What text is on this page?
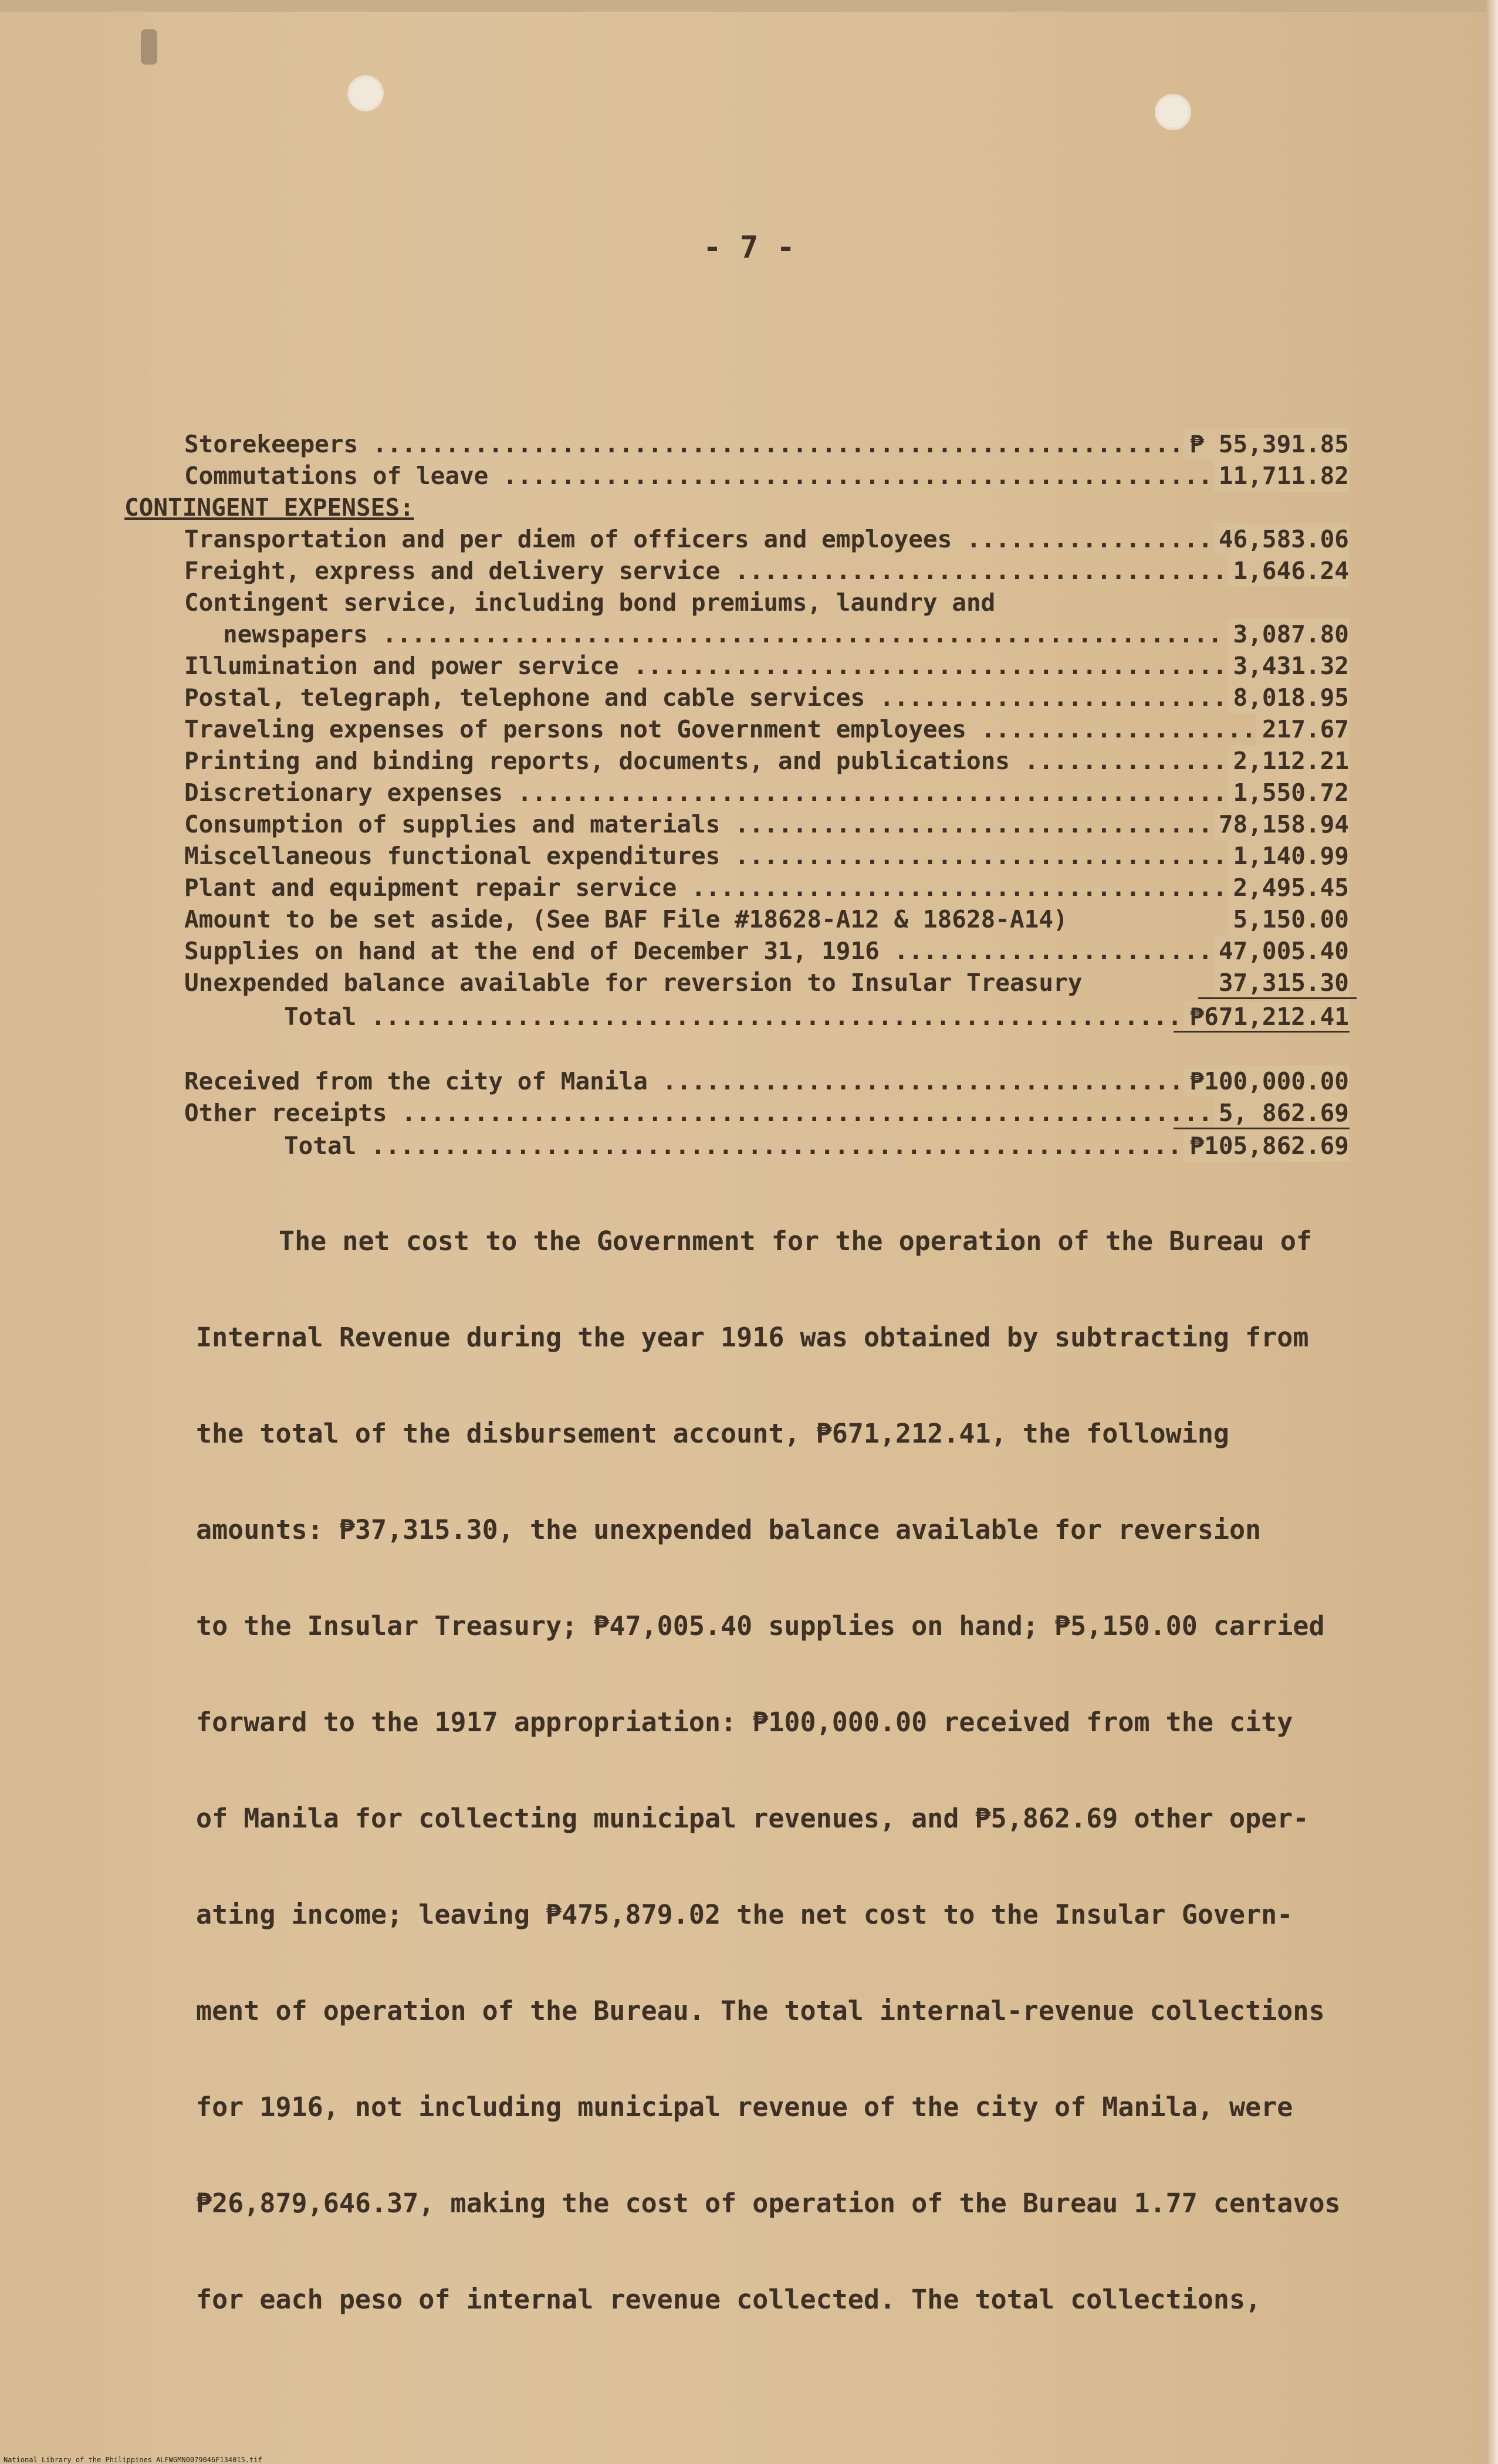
- 7 -
Storekeepers .....	₱ 55,391.85
Commutations of leave .....	11,711.82
CONTINGENT EXPENSES:
Transportation and per diem of officers and employees .....	46,583.06
Freight, express and delivery service .....	1,646.24
Contingent service, including bond premiums, laundry and
newspapers .....	3,087.80
Illumination and power service .....	3,431.32
Postal, telegraph, telephone and cable services .....	8,018.95
Traveling expenses of persons not Government employees .....	217.67
Printing and binding reports, documents, and publications .....	2,112.21
Discretionary expenses .....	1,550.72
Consumption of supplies and materials .....	78,158.94
Miscellaneous functional expenditures .....	1,140.99
Plant and equipment repair service .....	2,495.45
Amount to be set aside, (See BAF File #18628-A12 & 18628-A14)	5,150.00
Supplies on hand at the end of December 31, 1916 .....	47,005.40
Unexpended balance available for reversion to Insular Treasury	37,315.30
Total .....	₱671,212.41
Received from the city of Manila .....	₱100,000.00
Other receipts .....	5, 862.69
Total .....	₱105,862.69
The net cost to the Government for the operation of the Bureau of
Internal Revenue during the year 1916 was obtained by subtracting from
the total of the disbursement account, ₱671,212.41, the following
amounts: ₱37,315.30, the unexpended balance available for reversion
to the Insular Treasury; ₱47,005.40 supplies on hand; ₱5,150.00 carried
forward to the 1917 appropriation: ₱100,000.00 received from the city
of Manila for collecting municipal revenues, and ₱5,862.69 other oper-
ating income; leaving ₱475,879.02 the net cost to the Insular Govern-
ment of operation of the Bureau. The total internal-revenue collections
for 1916, not including municipal revenue of the city of Manila, were
₱26,879,646.37, making the cost of operation of the Bureau 1.77 centavos
for each peso of internal revenue collected. The total collections,
National Library of the Philippines ALFWGMN0079046F134015.tif
